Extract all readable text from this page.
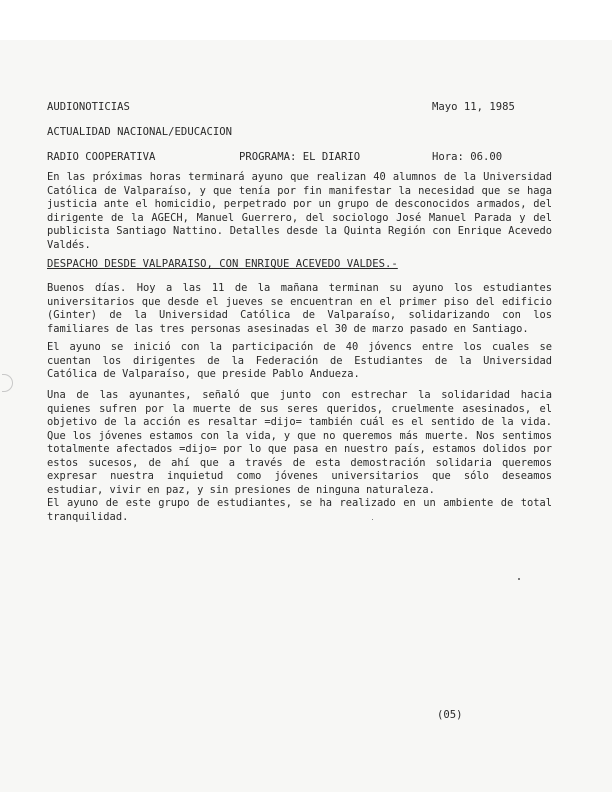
AUDIONOTICIAS	Mayo 11, 1985
ACTUALIDAD NACIONAL/EDUCACION
RADIO COOPERATIVA	PROGRAMA: EL DIARIO	Hora: 06.00
En las próximas horas terminará ayuno que realizan 40 alumnos de la Universidad Católica de Valparaíso, y que tenía por fin manifestar la necesidad que se haga justicia ante el homicidio, perpetrado por un grupo de desconocidos armados, del dirigente de la AGECH, Manuel Guerrero, del sociologo José Manuel Parada y del publicista Santiago Nattino. Detalles desde la Quinta Región con Enrique Acevedo Valdés.
DESPACHO DESDE VALPARAISO, CON ENRIQUE ACEVEDO VALDES.-
Buenos días. Hoy a las 11 de la mañana terminan su ayuno los estudiantes universitarios que desde el jueves se encuentran en el primer piso del edificio (Ginter) de la Universidad Católica de Valparaíso, solidarizando con los familiares de las tres personas asesinadas el 30 de marzo pasado en Santiago.
El ayuno se inició con la participación de 40 jóvencs entre los cuales se cuentan los dirigentes de la Federación de Estudiantes de la Universidad Católica de Valparaíso, que preside Pablo Andueza.
Una de las ayunantes, señaló que junto con estrechar la solidaridad hacia quienes sufren por la muerte de sus seres queridos, cruelmente asesinados, el objetivo de la acción es resaltar =dijo= también cuál es el sentido de la vida. Que los jóvenes estamos con la vida, y que no queremos más muerte. Nos sentimos totalmente afectados =dijo= por lo que pasa en nuestro país, estamos dolidos por estos sucesos, de ahí que a través de esta demostración solidaria queremos expresar nuestra inquietud como jóvenes universitarios que sólo deseamos estudiar, vivir en paz, y sin presiones de ninguna naturaleza.
El ayuno de este grupo de estudiantes, se ha realizado en un ambiente de total tranquilidad.
(05)
